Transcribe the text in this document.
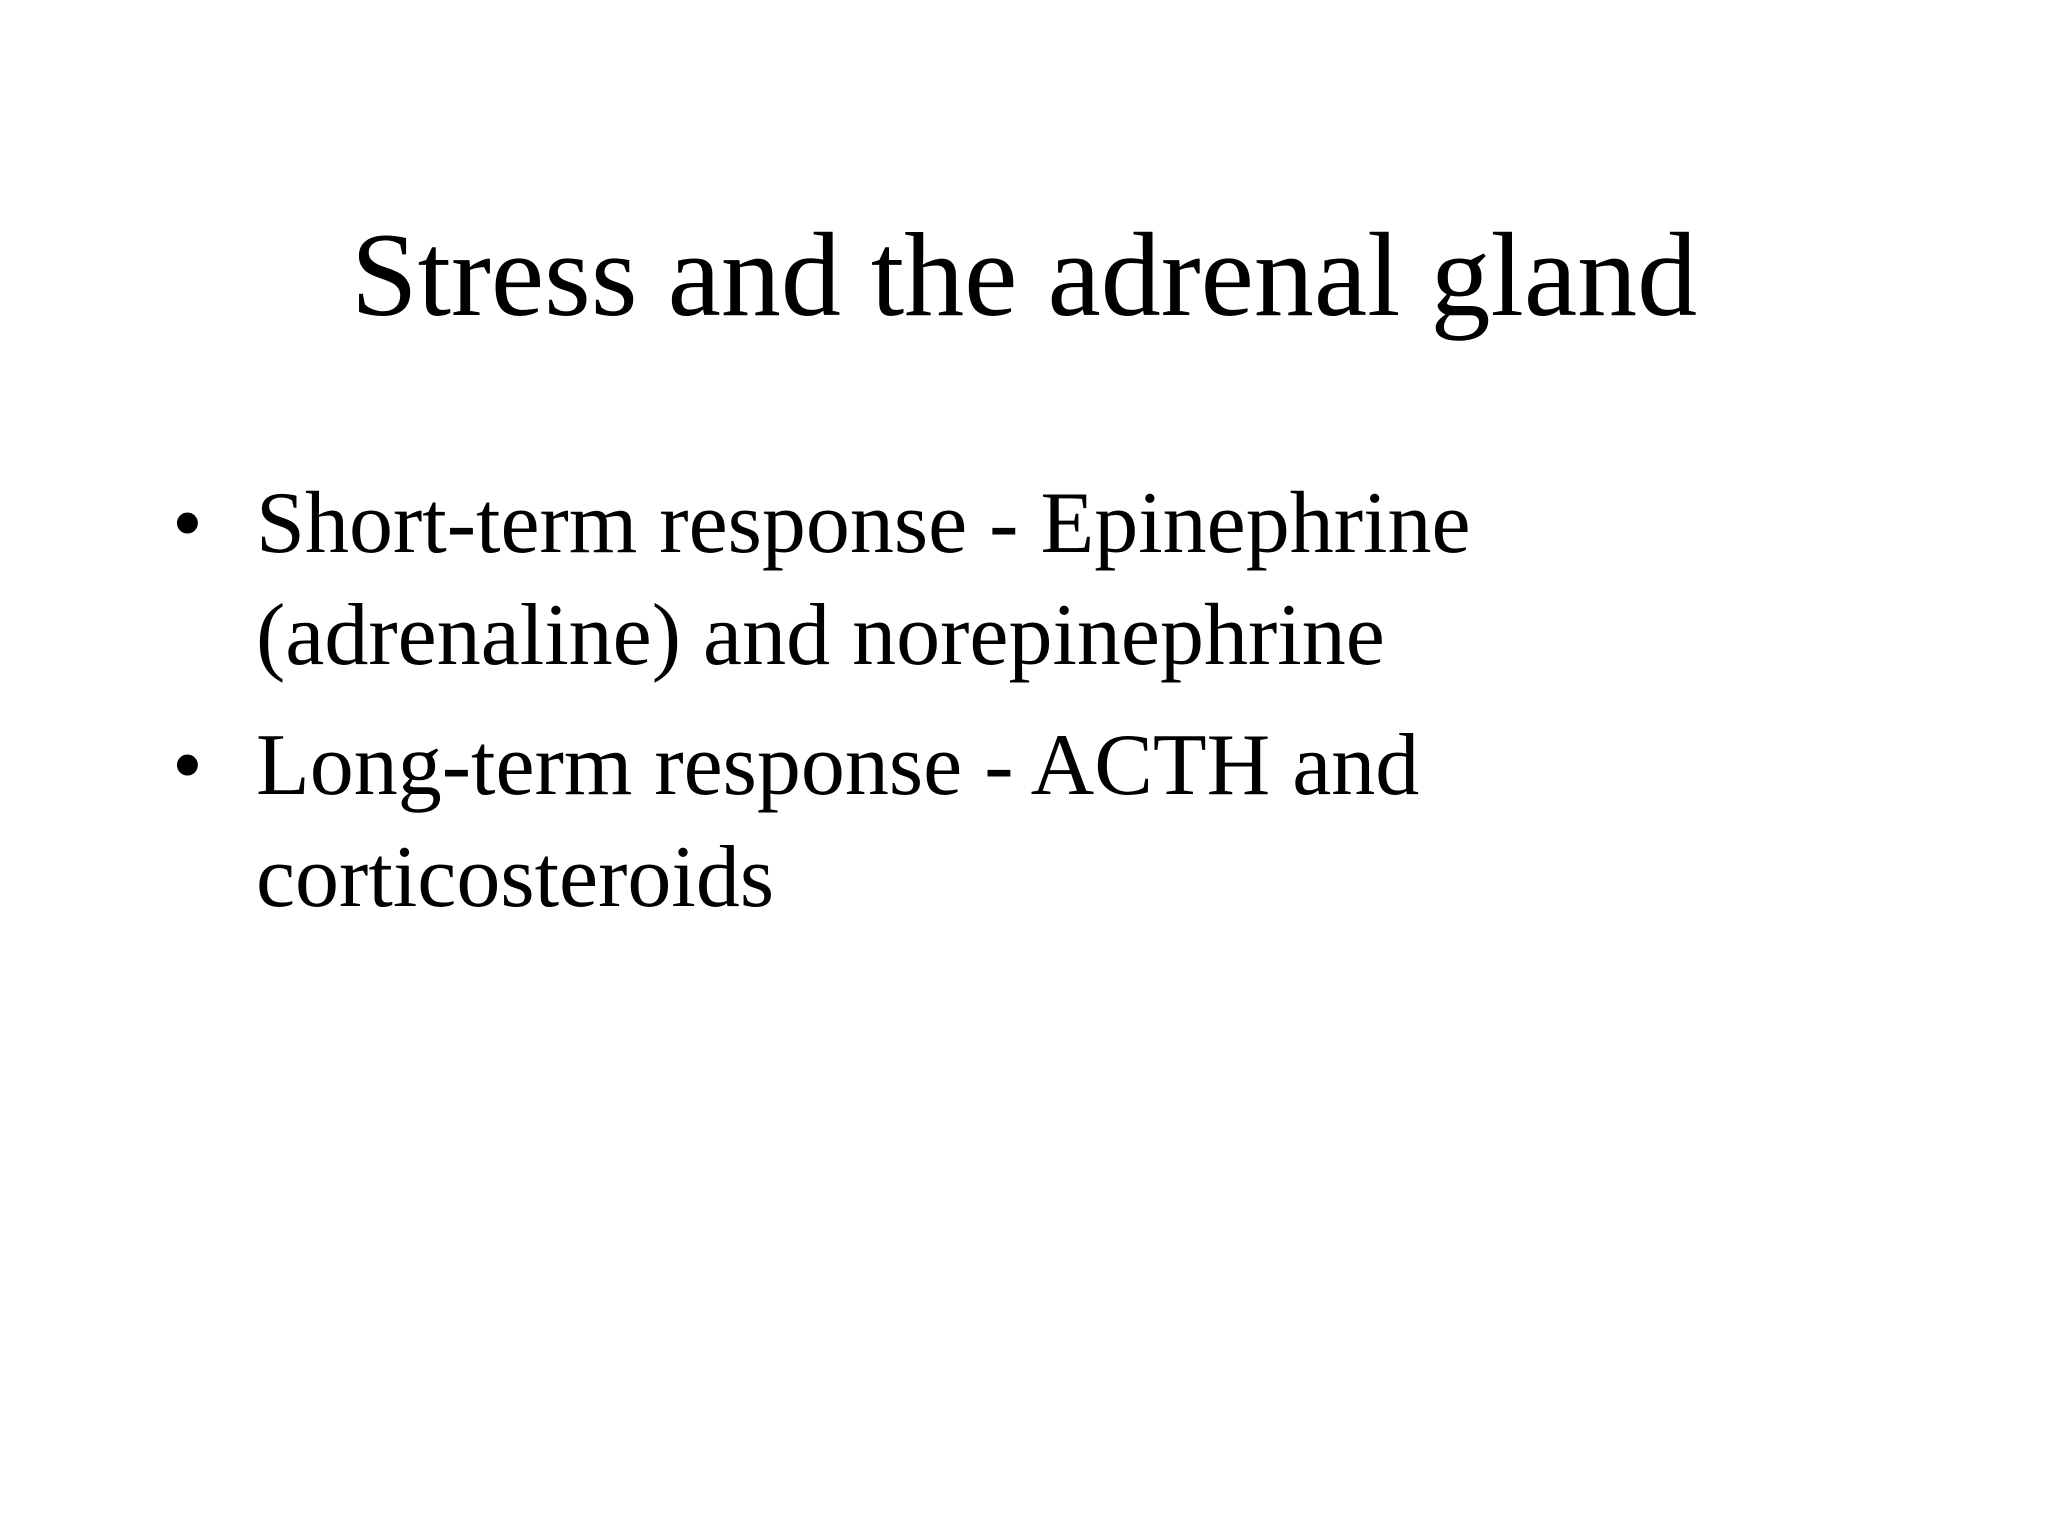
Stress and the adrenal gland
• Short-term response - Epinephrine
(adrenaline) and norepinephrine
• Long-term response - ACTH and
corticosteroids
